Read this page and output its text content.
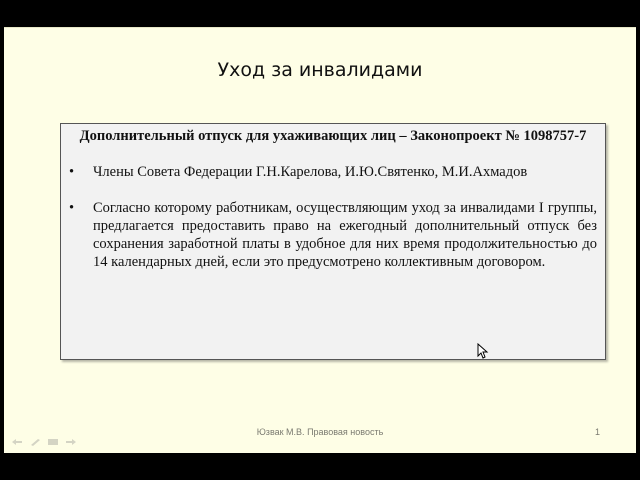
Уход за инвалидами
Дополнительный отпуск для ухаживающих лиц – Законопроект № 1098757-7
•	Члены Совета Федерации Г.Н.Карелова, И.Ю.Святенко, М.И.Ахмадов
•	Согласно которому работникам, осуществляющим уход за инвалидами I группы, предлагается предоставить право на ежегодный дополнительный отпуск без сохранения заработной платы в удобное для них время продолжительностью до 14 календарных дней, если это предусмотрено коллективным договором.
Юзвак М.В. Правовая новость	1
